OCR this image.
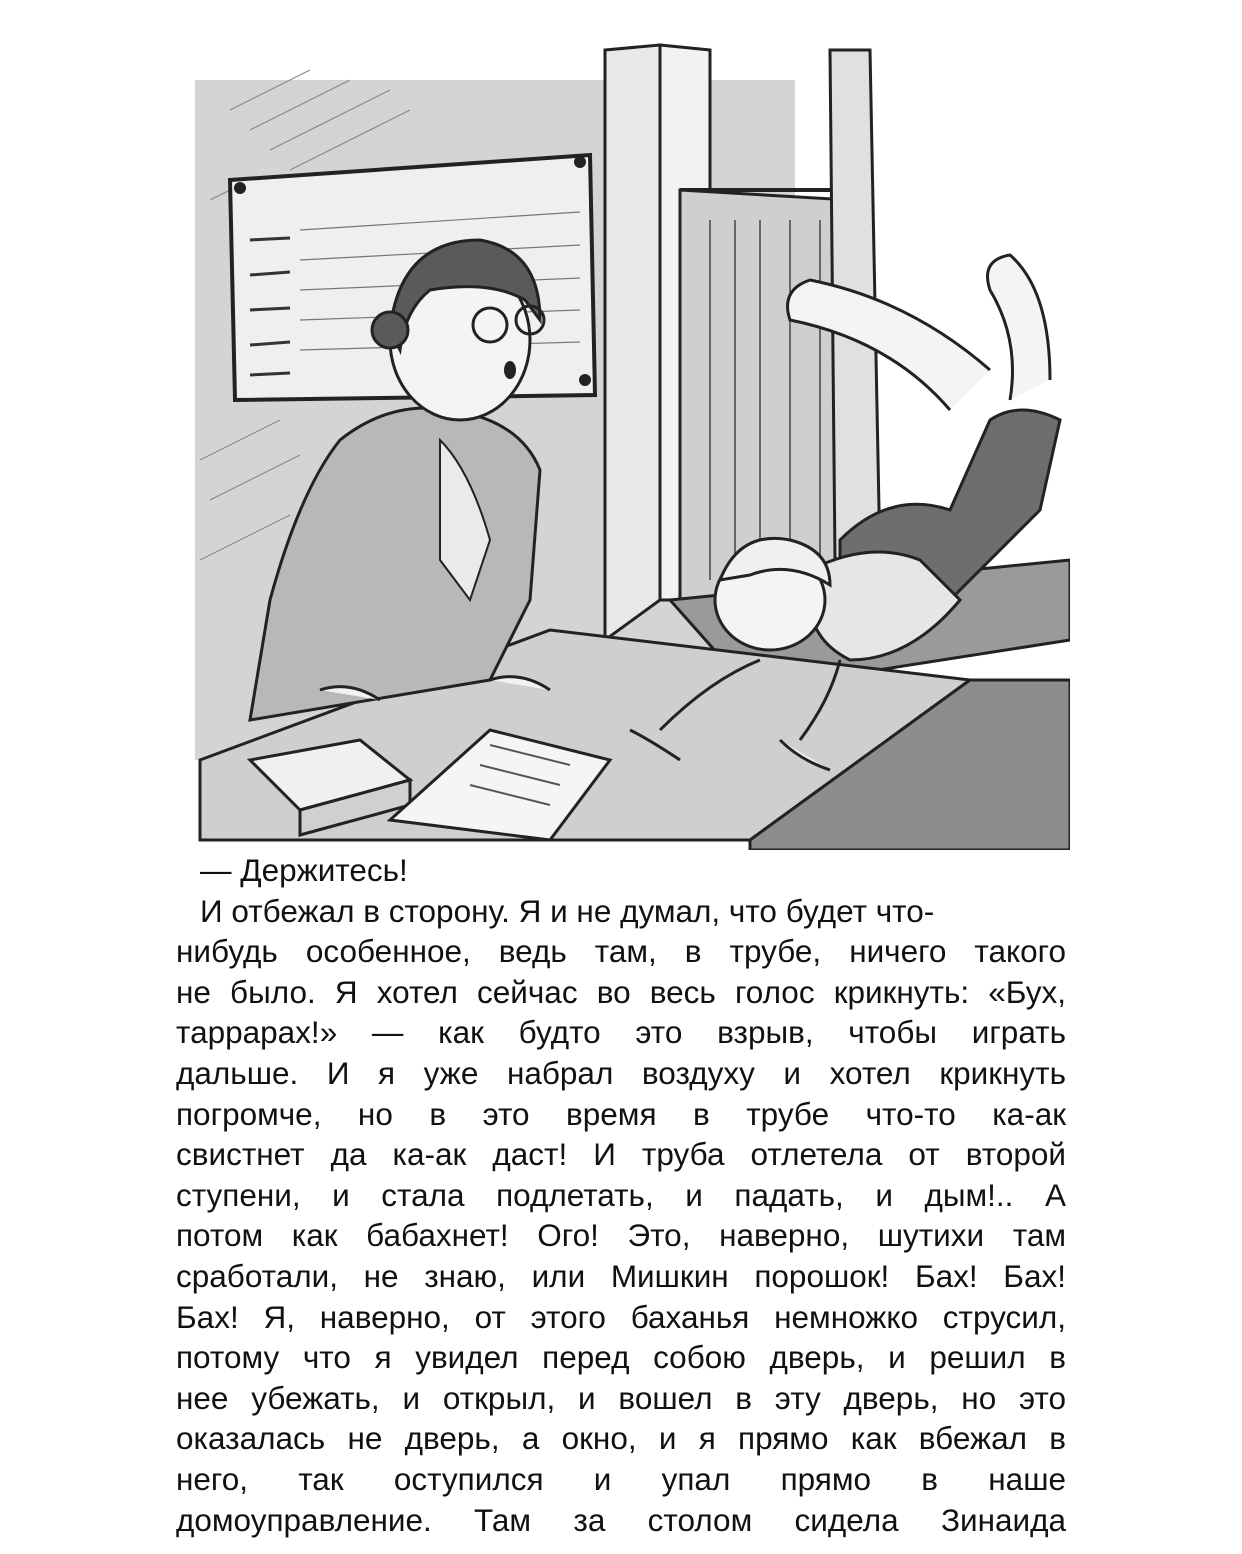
— Держитесь!
И отбежал в сторону. Я и не думал, что будет что-
нибудь особенное, ведь там, в трубе, ничего такого
не было. Я хотел сейчас во весь голос крикнуть: «Бух,
таррарах!» — как будто это взрыв, чтобы играть
дальше. И я уже набрал воздуху и хотел крикнуть
погромче, но в это время в трубе что-то ка-ак
свистнет да ка-ак даст! И труба отлетела от второй
ступени, и стала подлетать, и падать, и дым!.. А
потом как бабахнет! Ого! Это, наверно, шутихи там
сработали, не знаю, или Мишкин порошок! Бах! Бах!
Бах! Я, наверно, от этого баханья немножко струсил,
потому что я увидел перед собою дверь, и решил в
нее убежать, и открыл, и вошел в эту дверь, но это
оказалась не дверь, а окно, и я прямо как вбежал в
него, так оступился и упал прямо в наше
домоуправление. Там за столом сидела Зинаида
